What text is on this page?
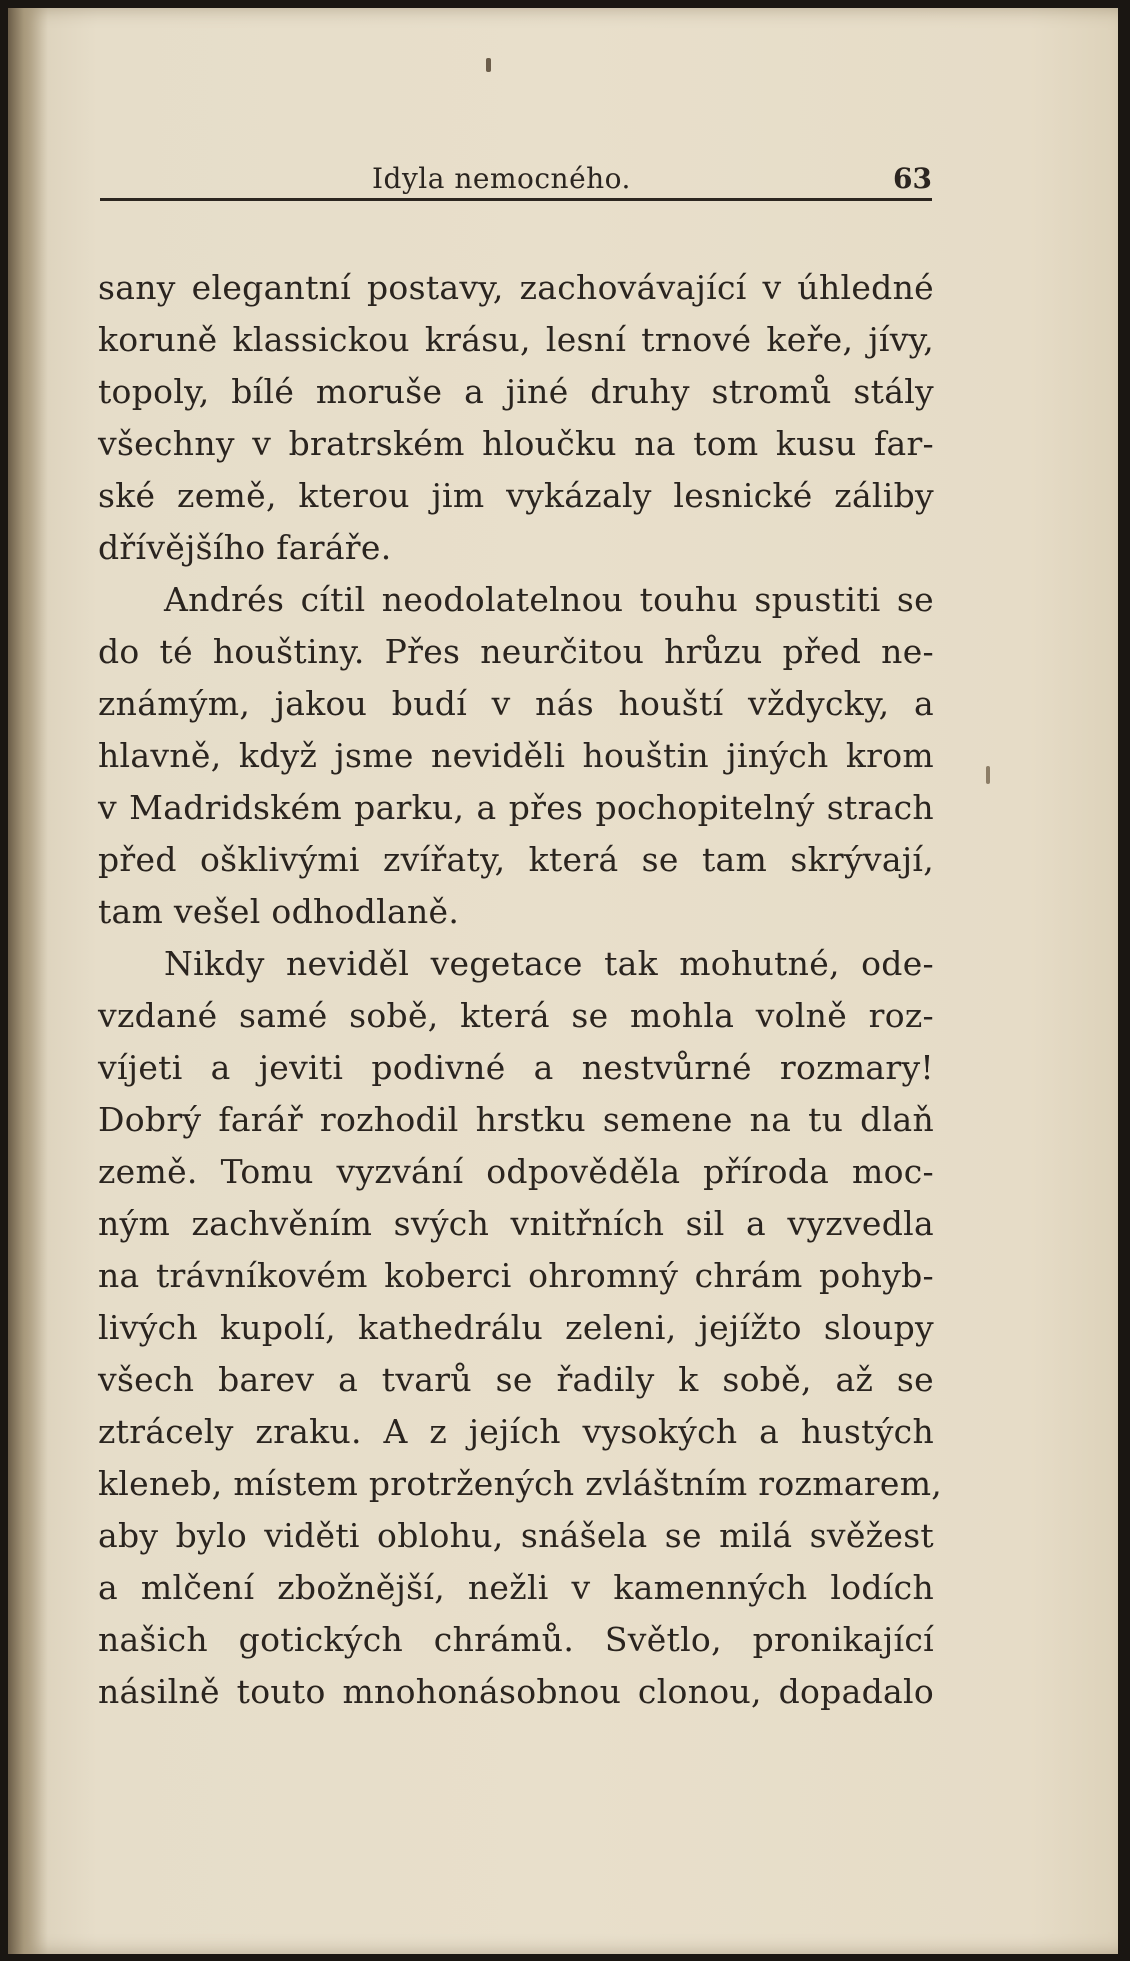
Idyla nemocného.	63
sany elegantní postavy, zachovávající v úhledné
koruně klassickou krásu, lesní trnové keře, jívy,
topoly, bílé moruše a jiné druhy stromů stály
všechny v bratrském hloučku na tom kusu far-
ské země, kterou jim vykázaly lesnické záliby
dřívějšího faráře.
Andrés cítil neodolatelnou touhu spustiti se
do té houštiny. Přes neurčitou hrůzu před ne-
známým, jakou budí v nás houští vždycky, a
hlavně, když jsme neviděli houštin jiných krom
v Madridském parku, a přes pochopitelný strach
před ošklivými zvířaty, která se tam skrývají,
tam vešel odhodlaně.
Nikdy neviděl vegetace tak mohutné, ode-
vzdané samé sobě, která se mohla volně roz-
víjeti a jeviti podivné a nestvůrné rozmary!
Dobrý farář rozhodil hrstku semene na tu dlaň
země. Tomu vyzvání odpověděla příroda moc-
ným zachvěním svých vnitřních sil a vyzvedla
na trávníkovém koberci ohromný chrám pohyb-
livých kupolí, kathedrálu zeleni, jejížto sloupy
všech barev a tvarů se řadily k sobě, až se
ztrácely zraku. A z jejích vysokých a hustých
kleneb, místem protržených zvláštním rozmarem,
aby bylo viděti oblohu, snášela se milá svěžest
a mlčení zbožnější, nežli v kamenných lodích
našich gotických chrámů. Světlo, pronikající
násilně touto mnohonásobnou clonou, dopadalo
